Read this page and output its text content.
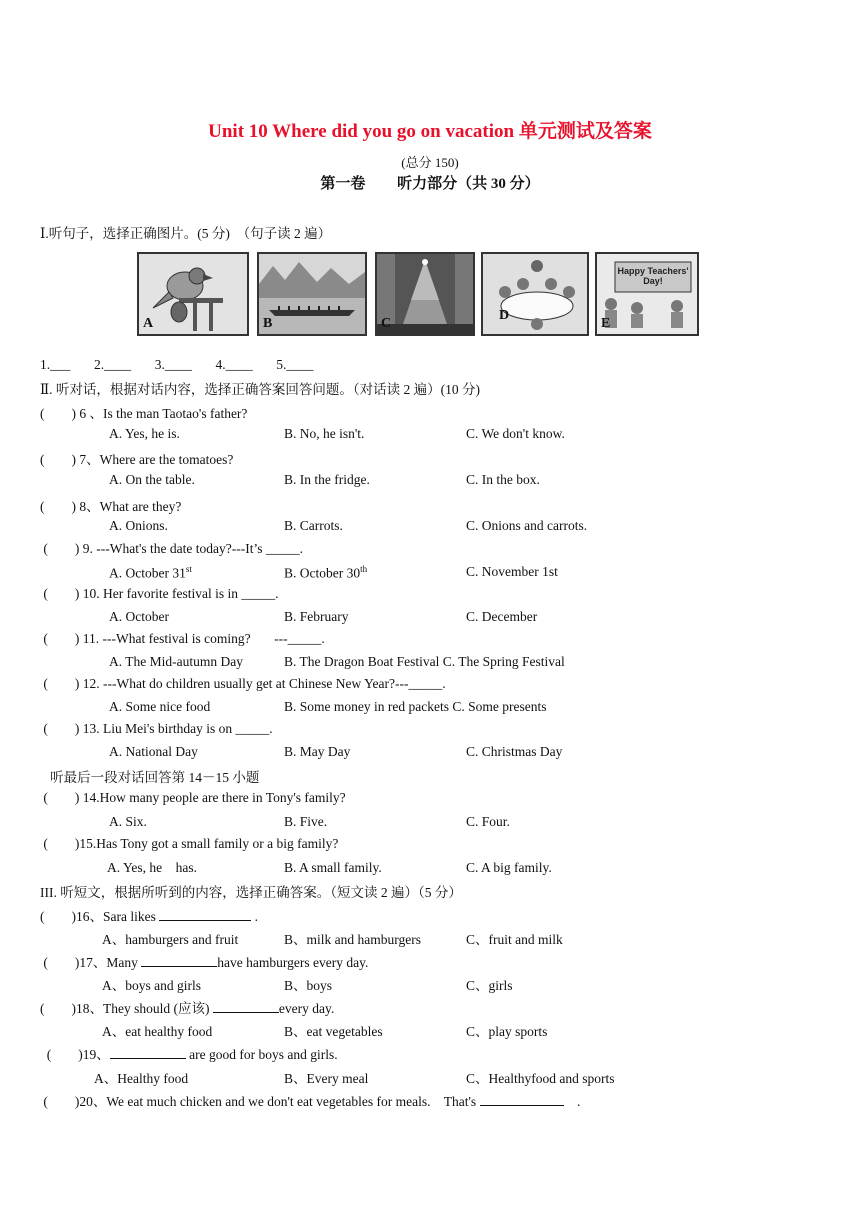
Unit 10 Where did you go on vacation 单元测试及答案
(总分 150)
第一卷 听力部分（共 30 分）
Ⅰ.听句子，选择正确图片。(5 分)  （句子读 2 遍）
A	B	C
D
Happy Teachers' Day!
E
1.___       2.____       3.____       4.____       5.____
Ⅱ. 听对话，根据对话内容，选择正确答案回答问题。（对话读 2 遍）(10 分)
(        ) 6 、Is the man Taotao's father?
A. Yes, he is.	B. No, he isn't.	C. We don't know.
(        ) 7、Where are the tomatoes?
A. On the table.	B. In the fridge.	C. In the box.
(        ) 8、What are they?
A. Onions.	B. Carrots.	C. Onions and carrots.
(        ) 9. ---What's the date today?---It’s _____.
A. October 31st	B. October 30th	C. November 1st
(        ) 10. Her favorite festival is in _____.
A. October	B. February	C. December
(        ) 11. ---What festival is coming?       ---_____.
A. The Mid-autumn Day	B. The Dragon Boat Festival C. The Spring Festival
(        ) 12. ---What do children usually get at Chinese New Year?---_____.
A. Some nice food	B. Some money in red packets C. Some presents
(        ) 13. Liu Mei's birthday is on _____.
A. National Day	B. May Day	C. Christmas Day
听最后一段对话回答第 14－15 小题
(        ) 14.How many people are there in Tony's family?
A. Six.	B. Five.	C. Four.
(        )15.Has Tony got a small family or a big family?
A. Yes, he    has.	B. A small family.	C. A big family.
III. 听短文，根据所听到的内容，选择正确答案。（短文读 2 遍）（5 分）
(        )16、Sara likes	.
A、hamburgers and fruit	B、milk and hamburgers	C、fruit and milk
(        )17、Many	have hamburgers every day.
A、boys and girls	B、boys	C、girls
(        )18、They should (应该)	every day.
A、eat healthy food	B、eat vegetables	C、play sports
(        )19、	are good for boys and girls.
A、Healthy food	B、Every meal	C、Healthyfood and sports
(        )20、We eat much chicken and we don't eat vegetables for meals.    That's	.
